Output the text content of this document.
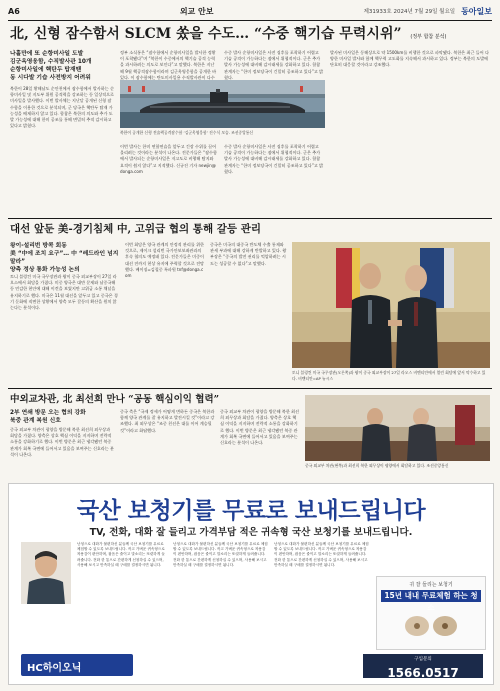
A6	외교 안보	제31933호 2024년 7월 29일 월요일 동아일보
北, 신형 잠수함서 SLCM 쏬을 수도… “수중 핵기습 무력시위” (정부 합참 분석)
나흘만에 또 순항미사일 도발
김군옥영웅함, 수직발사관 10개
순항미사일에 핵탄두 탑재땐
동 시다발 기습 사전방지 어려워
북한이 28일 황해남도 순안천에서 잠수함에서 발사하는 순항미사일 및 지도부 위원 공격력을 강조하는 등 일상적으로 미사일을 발사했다. 이번 발사체는 지난달 공개된 신형 잠수함을 이용한 것으로 분석되며, 군 당국은 핵탄두 탑재 가능성을 배제하지 않고 있다. 합참은 북한의 의도와 추가 도발 가능성에 대해 한미 공조를 통해 면밀히 추적 감시하고 있다고 밝혔다.
정부 소식통은 “잠수함에서 순항미사일을 발사한 정황이 포착됐다”며 “북한이 수중에서의 핵기습 공격 능력을 과시하려는 의도로 보인다”고 말했다. 북한은 지난해 9월 핵공격잠수함이라며 김군옥영웅함을 공개한 바 있다. 이 잠수함에는 탄도미사일용 수직발사관이 다수
북한이 공개한 신형 전술핵공격잠수함 ‘김군옥영웅함’ 진수식 모습. 조선중앙통신
이번 발사는 한미 연합연습을 앞두고 긴장 수위를 끌어올리려는 것이라는 분석이 나온다. 전문가들은 “잠수함에서 발사되는 순항미사일은 저고도로 비행해 탐지와 요격이 쉽지 않다”고 지적했다. 신규진 기자 newjin@donga.com
수중 발사 순항미사일은 사전 징후를 포착하기 어렵고 기습 공격이 가능하다는 점에서 위협적이다. 군은 추가 발사 가능성에 대비해 감시태세를 강화하고 있다. 합참 관계자는 “한미 정보당국이 긴밀히 공조하고 있다”고 밝혔다.
수중 발사 순항미사일은 사전 징후를 포착하기 어렵고 기습 공격이 가능하다는 점에서 위협적이다. 군은 추가 발사 가능성에 대비해 감시태세를 강화하고 있다. 합참 관계자는 “한미 정보당국이 긴밀히 공조하고 있다”고 밝혔다.
발사된 미사일은 동해상으로 약 1500km를 비행한 것으로 파악됐다. 북한은 최근 들어 다양한 미사일 발사와 함께 핵무력 고도화를 지속해서 과시하고 있다. 정부는 북한의 도발에 단호히 대응할 것이라고 강조했다.
대선 앞둔 美-경기침체 中, 고위급 협의 통해 갈등 관리
왕이-설리번 방콕 회동
美 “中에 조치 요구”… 中 “레드라인 넘지 말라”
양측 정상 통화 가능성 논의
토니 블링컨 미국 국무장관과 왕이 중국 외교부장이 27일 라오스에서 회담을 가졌다. 미중 양국은 대만 문제와 남중국해 등 민감한 현안에 대해 이견을 보였지만 고위급 소통 채널을 유지하기로 했다. 미국은 11월 대선을 앞두고 있고 중국은 경기 둔화에 직면한 상황에서 양측 모두 갈등의 확산을 원치 않는다는 분석이다.
이번 회담은 양국 관계의 안정적 관리를 위한 것으로, 제이크 설리번 국가안보보좌관과의 후속 협의도 예정돼 있다. 전문가들은 미중이 대선 전까지 현상 유지에 주력할 것으로 전망했다. 베이징=김철중 특파원 tnf@donga.com
중국은 미국의 대중국 반도체 수출 통제와 관세 부과에 대해 강하게 반발하고 있다. 왕 부장은 “중국의 발전 권리를 억압하려는 시도는 성공할 수 없다”고 말했다.
토니 블링컨 미국 국무장관(오른쪽)과 왕이 중국 외교부장이 27일 라오스 비엔티안에서 열린 회담에 앞서 악수하고 있다. 비엔티안=AP 뉴시스
中외교차관, 北 최선희 만나 “공동 핵심이익 협력”
2부 연쇄 방문 오는 협의 강화
북중 관계 복원 신호
중국 외교부 차관이 평양을 방문해 북한 최선희 외무상과 회담을 가졌다. 양측은 상호 핵심 이익을 지지하며 전략적 소통을 강화하기로 했다. 이번 방문은 최근 냉각됐던 북중 관계가 회복 국면에 들어서고 있음을 보여주는 신호라는 분석이 나온다.
중국 측은 “국제 정세가 어떻게 변하든 중국은 북한과 함께 양국 관계를 잘 유지하고 발전시킬 것”이라고 강조했다. 최 외무상은 “조중 친선은 대를 이어 계승될 것”이라고 화답했다.
중국 외교부 차관이 평양을 방문해 북한 최선희 외무상과 회담을 가졌다. 양측은 상호 핵심 이익을 지지하며 전략적 소통을 강화하기로 했다. 이번 방문은 최근 냉각됐던 북중 관계가 회복 국면에 들어서고 있음을 보여주는 신호라는 분석이 나온다.
중국 외교부 차관(왼쪽)과 최선희 북한 외무상이 평양에서 회담하고 있다. 조선중앙통신
국산 보청기를 무료로 보내드립니다
TV, 전화, 대화 잘 들리고 가격부담 적은 귀속형 국산 보청기를 보내드립니다.
난청으로 대화가 불편하신 분들께 국산 보청기를 무료로 체험할 수 있도록 보내드립니다. 작고 가벼운 귀속형으로 착용감이 편안하며, 잡음은 줄이고 말소리는 또렷하게 들려줍니다. 전화 한 통으로 간편하게 신청하실 수 있으며, 사용해 보시고 만족하실 때 구매를 결정하시면 됩니다.
난청으로 대화가 불편하신 분들께 국산 보청기를 무료로 체험할 수 있도록 보내드립니다. 작고 가벼운 귀속형으로 착용감이 편안하며, 잡음은 줄이고 말소리는 또렷하게 들려줍니다. 전화 한 통으로 간편하게 신청하실 수 있으며, 사용해 보시고 만족하실 때 구매를 결정하시면 됩니다.
난청으로 대화가 불편하신 분들께 국산 보청기를 무료로 체험할 수 있도록 보내드립니다. 작고 가벼운 귀속형으로 착용감이 편안하며, 잡음은 줄이고 말소리는 또렷하게 들려줍니다. 전화 한 통으로 간편하게 신청하실 수 있으며, 사용해 보시고 만족하실 때 구매를 결정하시면 됩니다.
귀 잘 들리는 보청기
15년 내내 무료체험 하는 청소
HC하이오닉
구입문의
1566.0517
